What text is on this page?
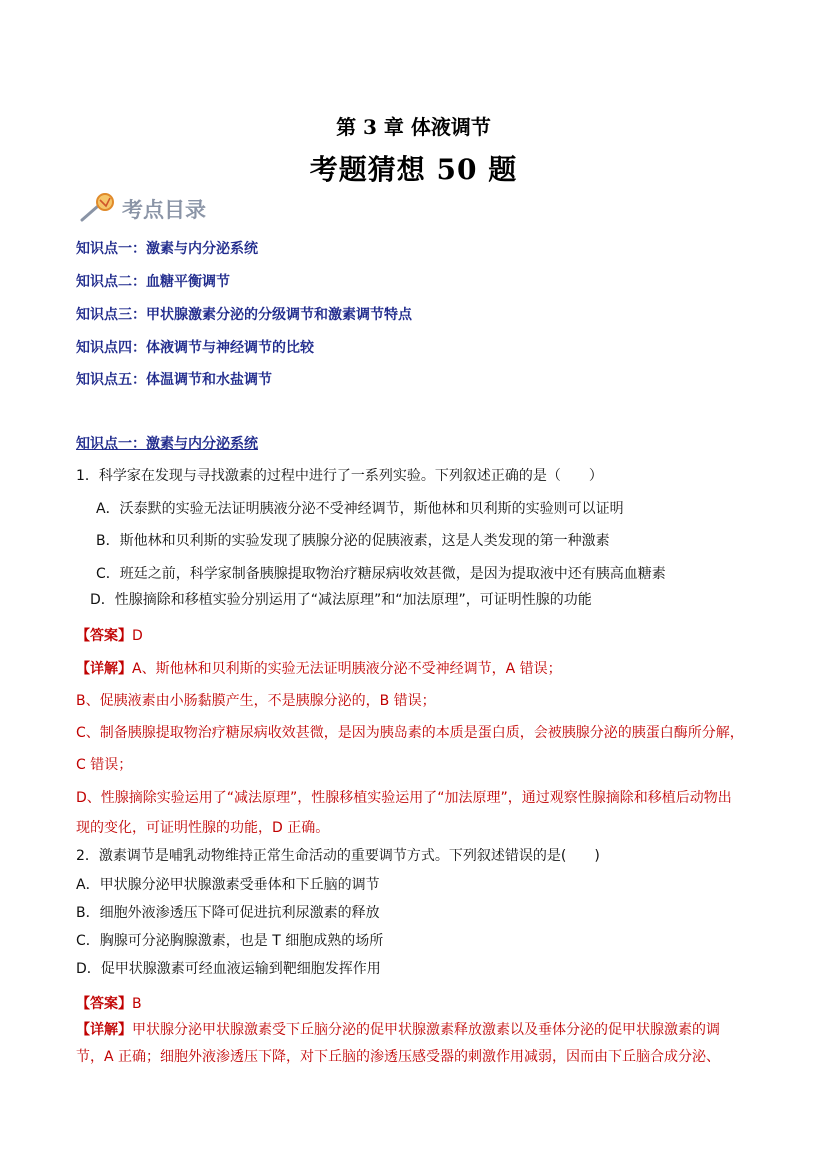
第 3 章 体液调节
考题猜想 50 题
考点目录
知识点一：激素与内分泌系统
知识点二：血糖平衡调节
知识点三：甲状腺激素分泌的分级调节和激素调节特点
知识点四：体液调节与神经调节的比较
知识点五：体温调节和水盐调节
知识点一：激素与内分泌系统
1．科学家在发现与寻找激素的过程中进行了一系列实验。下列叙述正确的是（　　）
A．沃泰默的实验无法证明胰液分泌不受神经调节，斯他林和贝利斯的实验则可以证明
B．斯他林和贝利斯的实验发现了胰腺分泌的促胰液素，这是人类发现的第一种激素
C．班廷之前，科学家制备胰腺提取物治疗糖尿病收效甚微，是因为提取液中还有胰高血糖素
D．性腺摘除和移植实验分别运用了“减法原理”和“加法原理”，可证明性腺的功能
【答案】D
【详解】A、斯他林和贝利斯的实验无法证明胰液分泌不受神经调节，A 错误；
B、促胰液素由小肠黏膜产生，不是胰腺分泌的，B 错误；
C、制备胰腺提取物治疗糖尿病收效甚微，是因为胰岛素的本质是蛋白质，会被胰腺分泌的胰蛋白酶所分解，
C 错误；
D、性腺摘除实验运用了“减法原理”，性腺移植实验运用了“加法原理”，通过观察性腺摘除和移植后动物出
现的变化，可证明性腺的功能，D 正确。
2．激素调节是哺乳动物维持正常生命活动的重要调节方式。下列叙述错误的是(　　)
A．甲状腺分泌甲状腺激素受垂体和下丘脑的调节
B．细胞外液渗透压下降可促进抗利尿激素的释放
C．胸腺可分泌胸腺激素，也是 T 细胞成熟的场所
D．促甲状腺激素可经血液运输到靶细胞发挥作用
【答案】B
【详解】甲状腺分泌甲状腺激素受下丘脑分泌的促甲状腺激素释放激素以及垂体分泌的促甲状腺激素的调
节，A 正确；细胞外液渗透压下降，对下丘脑的渗透压感受器的刺激作用减弱，因而由下丘脑合成分泌、
